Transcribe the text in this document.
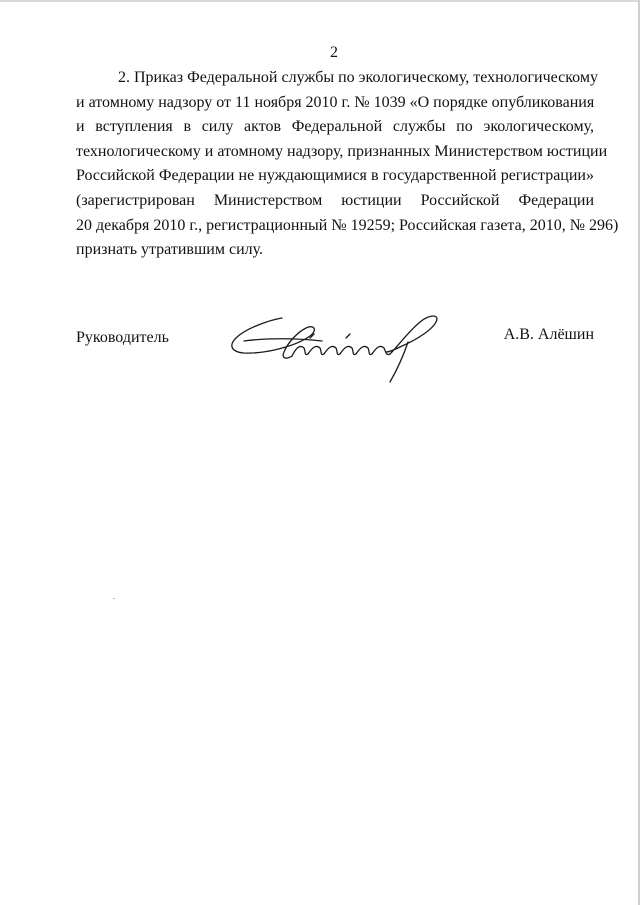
2
2. Приказ Федеральной службы по экологическому, технологическому
и атомному надзору от 11 ноября 2010 г. № 1039 «О порядке опубликования
и вступления в силу актов Федеральной службы по экологическому,
технологическому и атомному надзору, признанных Министерством юстиции
Российской Федерации не нуждающимися в государственной регистрации»
(зарегистрирован Министерством юстиции Российской Федерации
20 декабря 2010 г., регистрационный № 19259; Российская газета, 2010, № 296)
признать утратившим силу.
Руководитель	А.В. Алёшин
